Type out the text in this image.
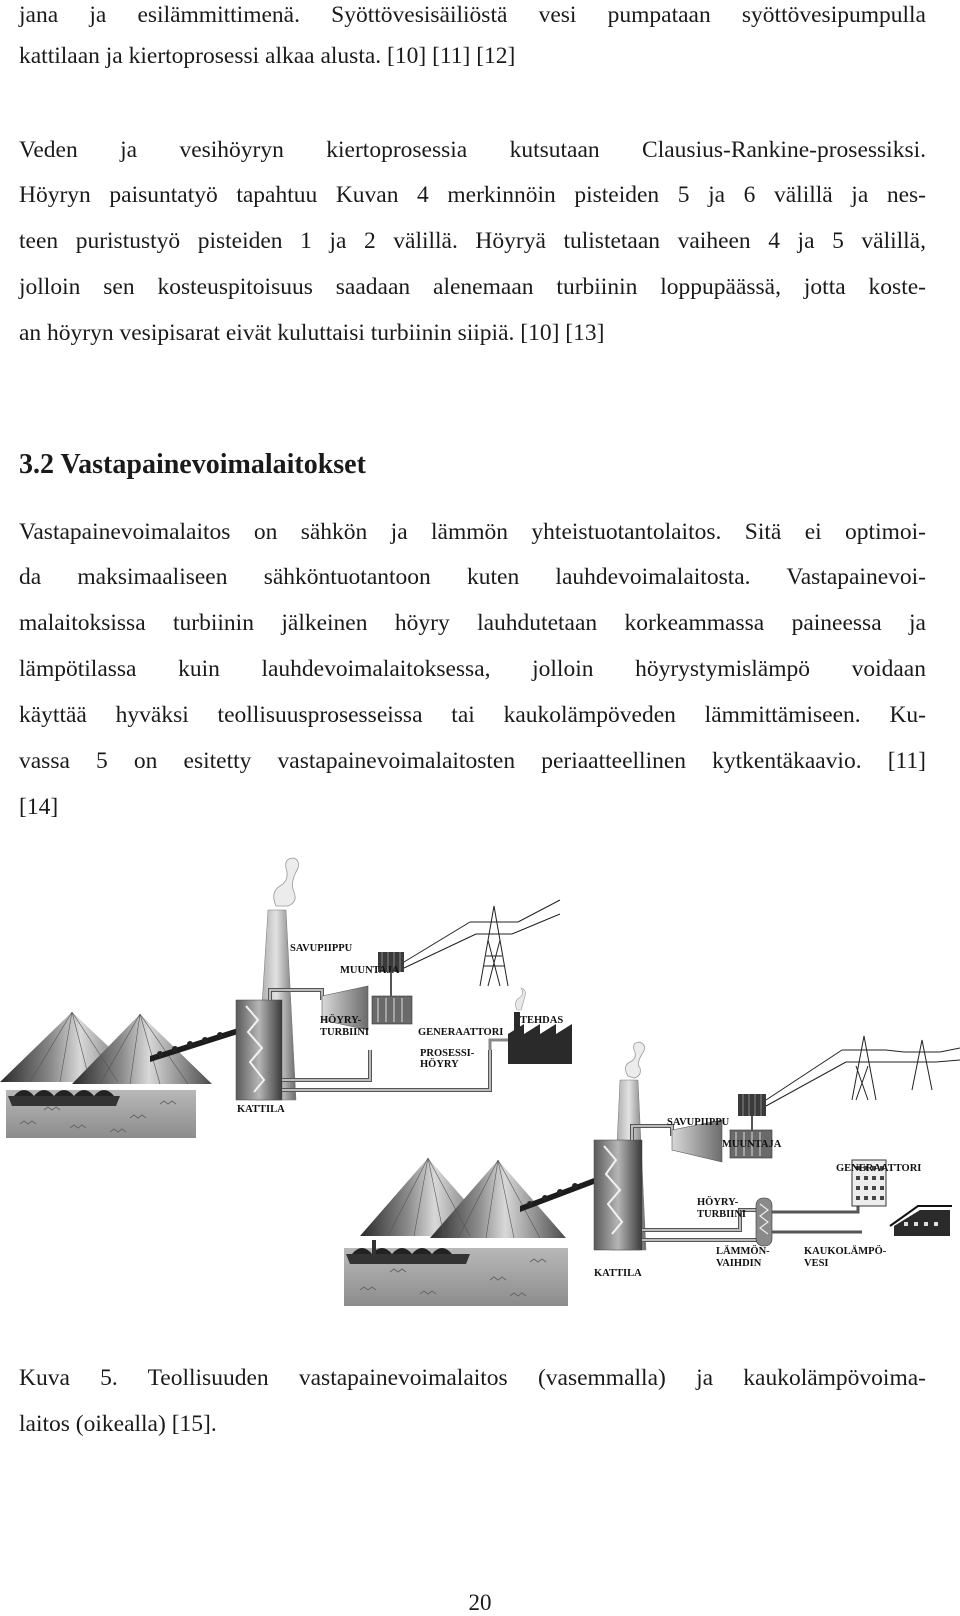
jana ja esilämmittimenä. Syöttövesisäiliöstä vesi pumpataan syöttövesipumpulla
kattilaan ja kiertoprosessi alkaa alusta. [10] [11] [12]
Veden ja vesihöyryn kiertoprosessia kutsutaan Clausius-Rankine-prosessiksi.
Höyryn paisuntatyö tapahtuu Kuvan 4 merkinnöin pisteiden 5 ja 6 välillä ja nes-
teen puristustyö pisteiden 1 ja 2 välillä. Höyryä tulistetaan vaiheen 4 ja 5 välillä,
jolloin sen kosteuspitoisuus saadaan alenemaan turbiinin loppupäässä, jotta koste-
an höyryn vesipisarat eivät kuluttaisi turbiinin siipiä. [10] [13]
3.2 Vastapainevoimalaitokset
Vastapainevoimalaitos on sähkön ja lämmön yhteistuotantolaitos. Sitä ei optimoi-
da maksimaaliseen sähköntuotantoon kuten lauhdevoimalaitosta. Vastapainevoi-
malaitoksissa turbiinin jälkeinen höyry lauhdutetaan korkeammassa paineessa ja
lämpötilassa kuin lauhdevoimalaitoksessa, jolloin höyrystymislämpö voidaan
käyttää hyväksi teollisuusprosesseissa tai kaukolämpöveden lämmittämiseen. Ku-
vassa 5 on esitetty vastapainevoimalaitosten periaatteellinen kytkentäkaavio. [11]
[14]
SAVUPIIPPU
MUUNTAJA
HÖYRY-
TURBIINI	GENERAATTORI
TEHDAS
PROSESSI-
HÖYRY
KATTILA
SAVUPIIPPU
MUUNTAJA
GENERAATTORI
HÖYRY-
TURBIINI
LÄMMÖN-
VAIHDIN
KAUKOLÄMPÖ-
VESI
KATTILA
Kuva 5. Teollisuuden vastapainevoimalaitos (vasemmalla) ja kaukolämpövoima-
laitos (oikealla) [15].
20
